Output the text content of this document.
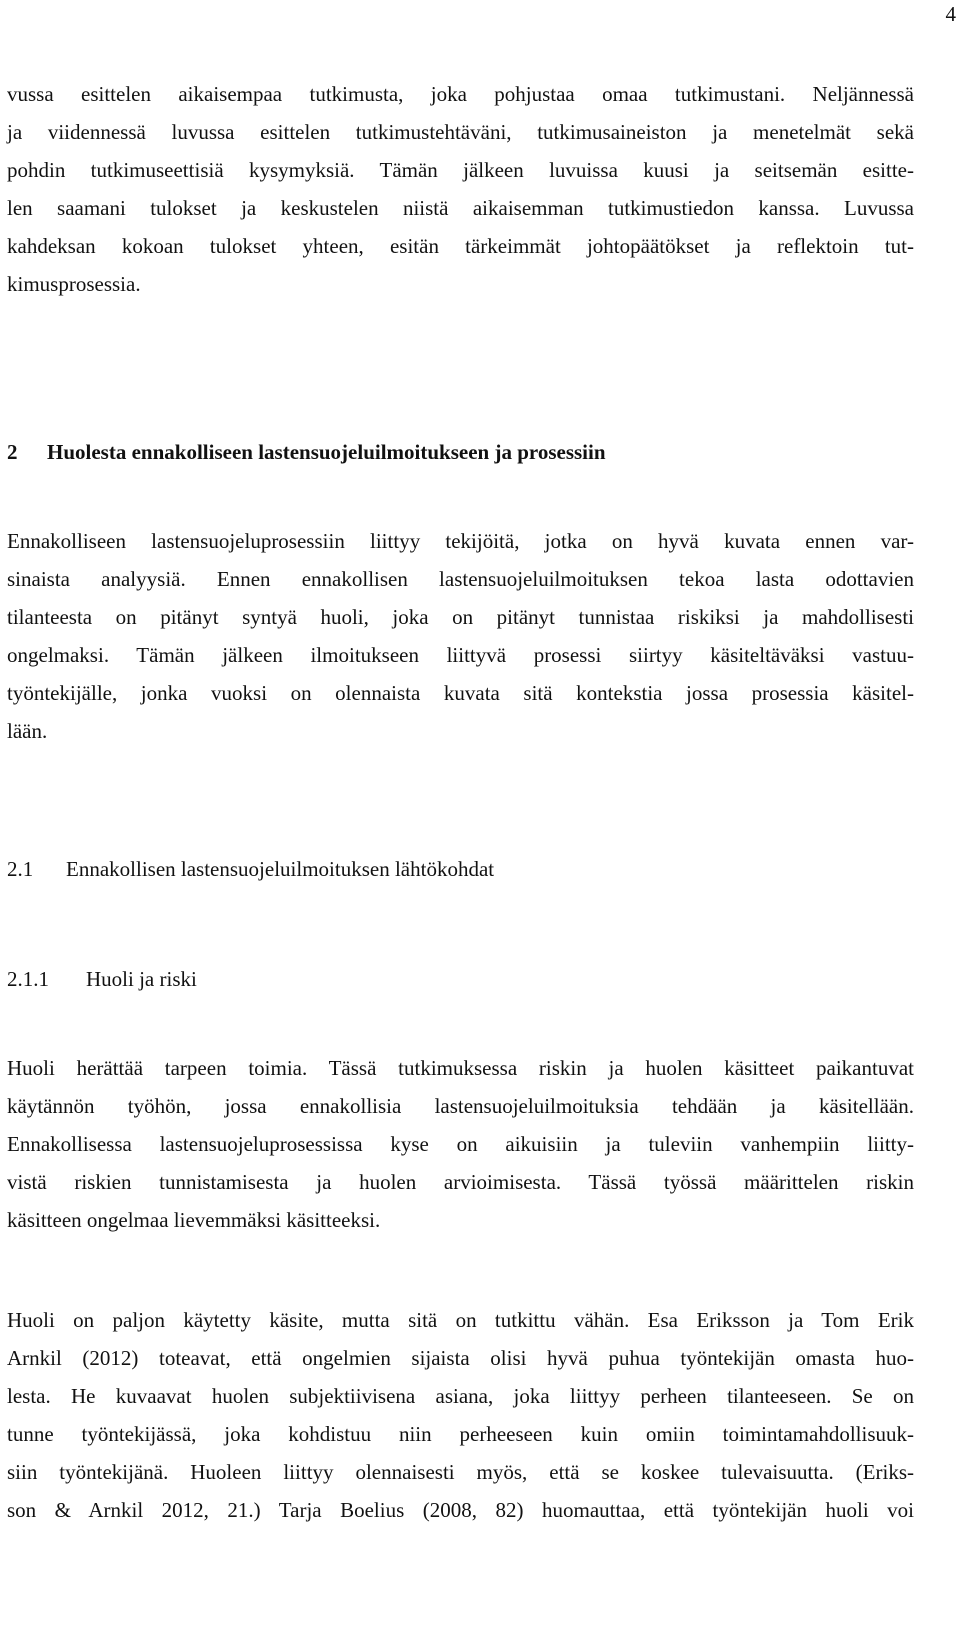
4
vussa esittelen aikaisempaa tutkimusta, joka pohjustaa omaa tutkimustani. Neljännessä
ja viidennessä luvussa esittelen tutkimustehtäväni, tutkimusaineiston ja menetelmät sekä
pohdin tutkimuseettisiä kysymyksiä. Tämän jälkeen luvuissa kuusi ja seitsemän esitte-
len saamani tulokset ja keskustelen niistä aikaisemman tutkimustiedon kanssa. Luvussa
kahdeksan kokoan tulokset yhteen, esitän tärkeimmät johtopäätökset ja reflektoin tut-
kimusprosessia.
2 Huolesta ennakolliseen lastensuojeluilmoitukseen ja prosessiin
Ennakolliseen lastensuojeluprosessiin liittyy tekijöitä, jotka on hyvä kuvata ennen var-
sinaista analyysiä. Ennen ennakollisen lastensuojeluilmoituksen tekoa lasta odottavien
tilanteesta on pitänyt syntyä huoli, joka on pitänyt tunnistaa riskiksi ja mahdollisesti
ongelmaksi. Tämän jälkeen ilmoitukseen liittyvä prosessi siirtyy käsiteltäväksi vastuu-
työntekijälle, jonka vuoksi on olennaista kuvata sitä kontekstia jossa prosessia käsitel-
lään.
2.1 Ennakollisen lastensuojeluilmoituksen lähtökohdat
2.1.1 Huoli ja riski
Huoli herättää tarpeen toimia. Tässä tutkimuksessa riskin ja huolen käsitteet paikantuvat
käytännön työhön, jossa ennakollisia lastensuojeluilmoituksia tehdään ja käsitellään.
Ennakollisessa lastensuojeluprosessissa kyse on aikuisiin ja tuleviin vanhempiin liitty-
vistä riskien tunnistamisesta ja huolen arvioimisesta. Tässä työssä määrittelen riskin
käsitteen ongelmaa lievemmäksi käsitteeksi.
Huoli on paljon käytetty käsite, mutta sitä on tutkittu vähän. Esa Eriksson ja Tom Erik
Arnkil (2012) toteavat, että ongelmien sijaista olisi hyvä puhua työntekijän omasta huo-
lesta. He kuvaavat huolen subjektiivisena asiana, joka liittyy perheen tilanteeseen. Se on
tunne työntekijässä, joka kohdistuu niin perheeseen kuin omiin toimintamahdollisuuk-
siin työntekijänä. Huoleen liittyy olennaisesti myös, että se koskee tulevaisuutta. (Eriks-
son & Arnkil 2012, 21.) Tarja Boelius (2008, 82) huomauttaa, että työntekijän huoli voi
